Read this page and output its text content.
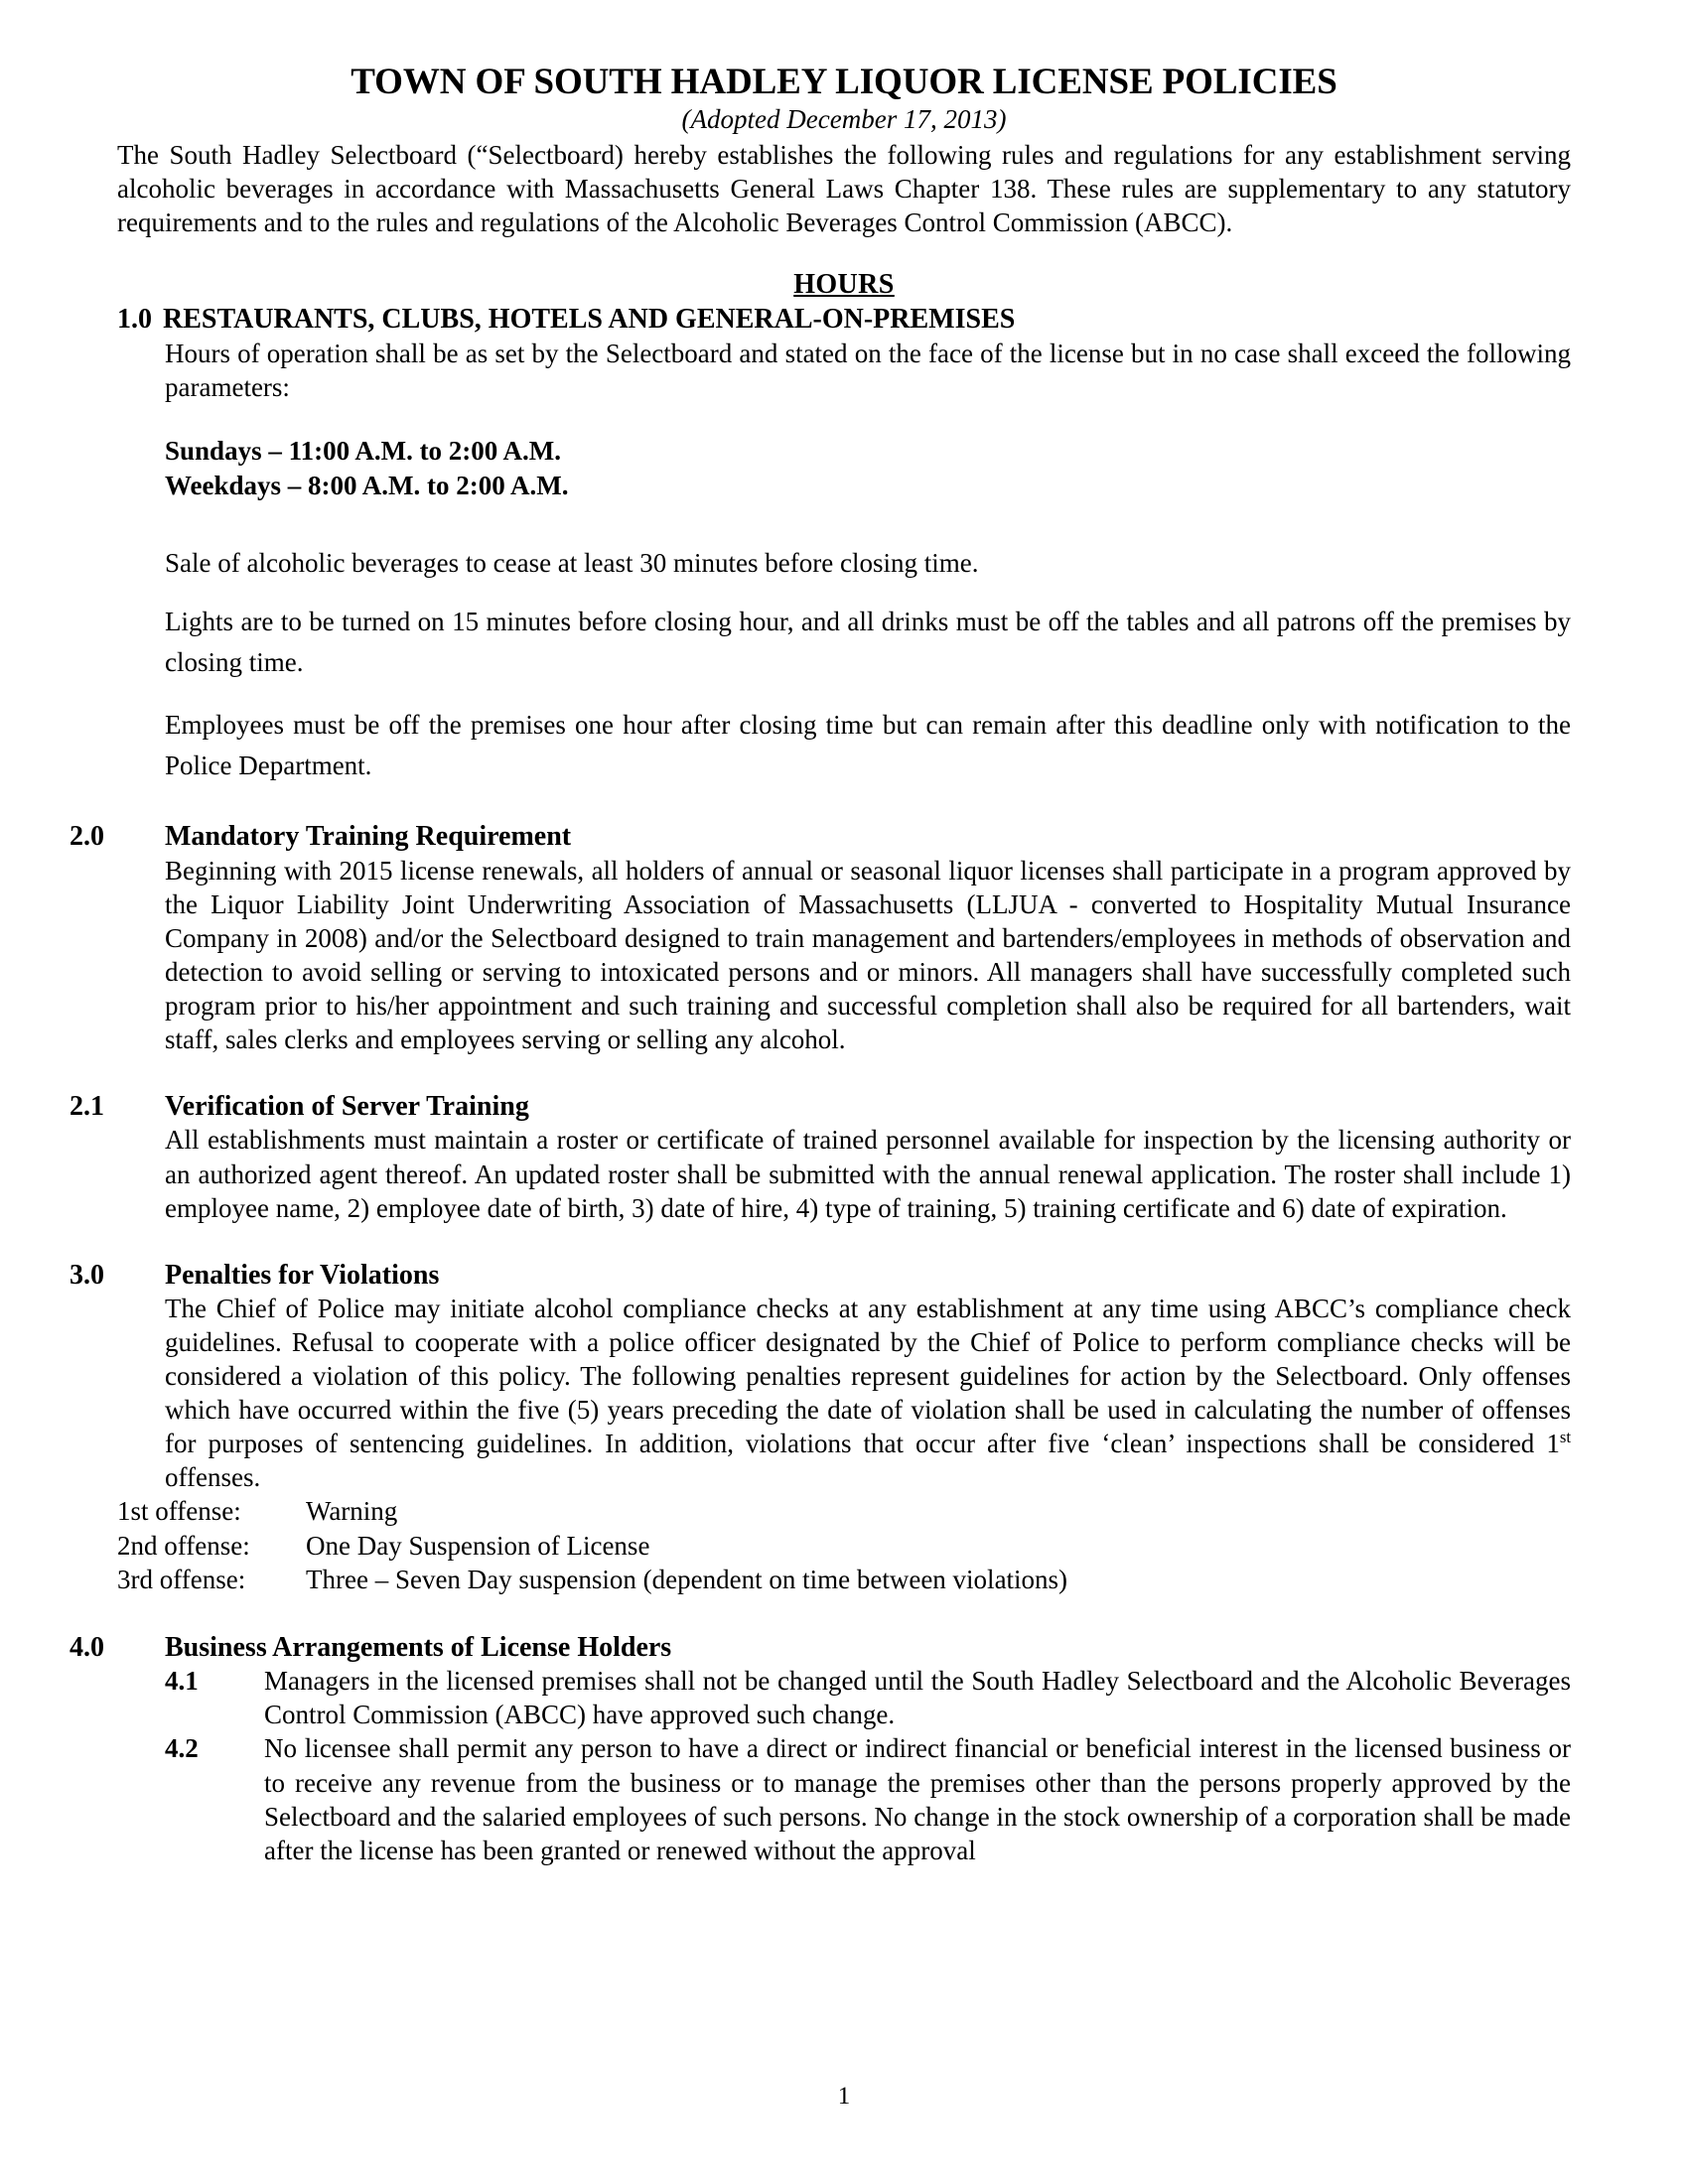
TOWN OF SOUTH HADLEY LIQUOR LICENSE POLICIES
(Adopted December 17, 2013)

The South Hadley Selectboard (“Selectboard) hereby establishes the following rules and regulations for any establishment serving alcoholic beverages in accordance with Massachusetts General Laws Chapter 138. These rules are supplementary to any statutory requirements and to the rules and regulations of the Alcoholic Beverages Control Commission (ABCC).

HOURS

1.0 RESTAURANTS, CLUBS, HOTELS AND GENERAL-ON-PREMISES

Hours of operation shall be as set by the Selectboard and stated on the face of the license but in no case shall exceed the following parameters:

Sundays – 11:00 A.M. to 2:00 A.M.

Weekdays – 8:00 A.M. to 2:00 A.M.

Sale of alcoholic beverages to cease at least 30 minutes before closing time.

Lights are to be turned on 15 minutes before closing hour, and all drinks must be off the tables and all patrons off the premises by closing time.

Employees must be off the premises one hour after closing time but can remain after this deadline only with notification to the Police Department.

2.0 Mandatory Training Requirement

Beginning with 2015 license renewals, all holders of annual or seasonal liquor licenses shall participate in a program approved by the Liquor Liability Joint Underwriting Association of Massachusetts (LLJUA - converted to Hospitality Mutual Insurance Company in 2008) and/or the Selectboard designed to train management and bartenders/employees in methods of observation and detection to avoid selling or serving to intoxicated persons and or minors. All managers shall have successfully completed such program prior to his/her appointment and such training and successful completion shall also be required for all bartenders, wait staff, sales clerks and employees serving or selling any alcohol.

2.1 Verification of Server Training

All establishments must maintain a roster or certificate of trained personnel available for inspection by the licensing authority or an authorized agent thereof. An updated roster shall be submitted with the annual renewal application. The roster shall include 1) employee name, 2) employee date of birth, 3) date of hire, 4) type of training, 5) training certificate and 6) date of expiration.

3.0 Penalties for Violations

The Chief of Police may initiate alcohol compliance checks at any establishment at any time using ABCC’s compliance check guidelines. Refusal to cooperate with a police officer designated by the Chief of Police to perform compliance checks will be considered a violation of this policy. The following penalties represent guidelines for action by the Selectboard. Only offenses which have occurred within the five (5) years preceding the date of violation shall be used in calculating the number of offenses for purposes of sentencing guidelines. In addition, violations that occur after five ‘clean’ inspections shall be considered 1st offenses.

1st offense:	Warning
2nd offense:	One Day Suspension of License
3rd offense:	Three – Seven Day suspension (dependent on time between violations)

4.0 Business Arrangements of License Holders

4.1 Managers in the licensed premises shall not be changed until the South Hadley Selectboard and the Alcoholic Beverages Control Commission (ABCC) have approved such change.

4.2 No licensee shall permit any person to have a direct or indirect financial or beneficial interest in the licensed business or to receive any revenue from the business or to manage the premises other than the persons properly approved by the Selectboard and the salaried employees of such persons. No change in the stock ownership of a corporation shall be made after the license has been granted or renewed without the approval

1
